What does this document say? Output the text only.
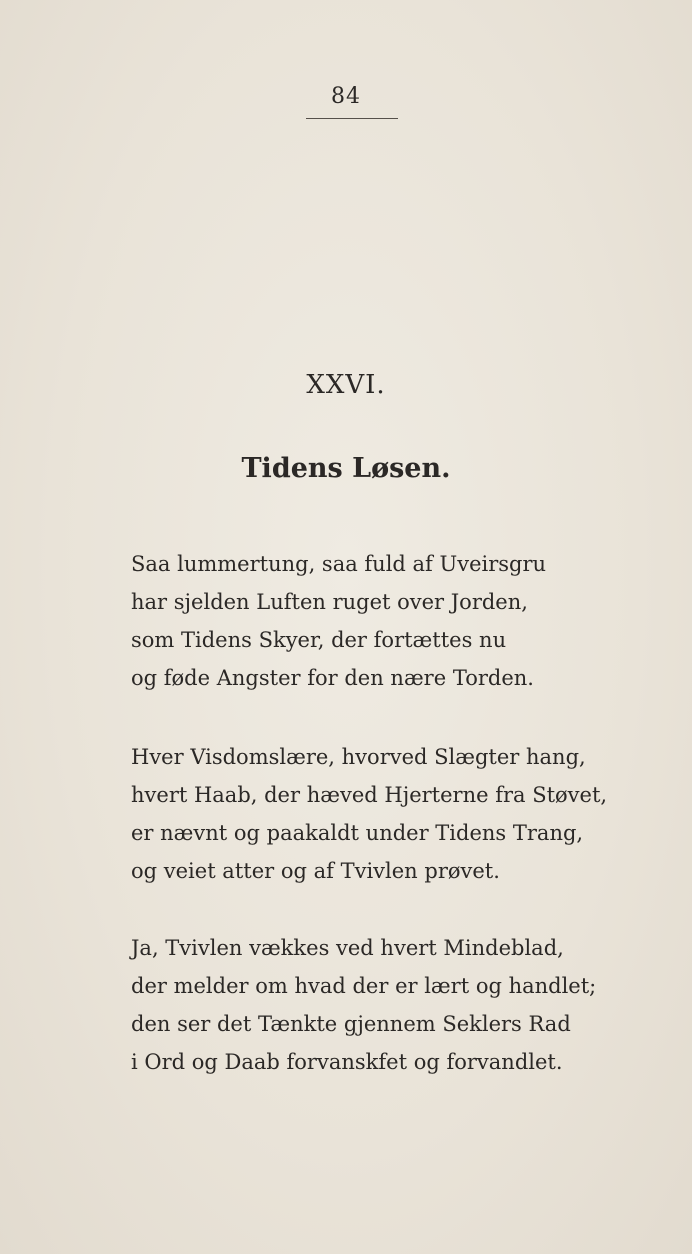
84
XXVI.
Tidens Løsen.
Saa lummertung, saa fuld af Uveirsgru
har sjelden Luften ruget over Jorden,
som Tidens Skyer, der fortættes nu
og føde Angster for den nære Torden.
Hver Visdomslære, hvorved Slægter hang,
hvert Haab, der hæved Hjerterne fra Støvet,
er nævnt og paakaldt under Tidens Trang,
og veiet atter og af Tvivlen prøvet.
Ja, Tvivlen vækkes ved hvert Mindeblad,
der melder om hvad der er lært og handlet;
den ser det Tænkte gjennem Seklers Rad
i Ord og Daab forvanskfet og forvandlet.
